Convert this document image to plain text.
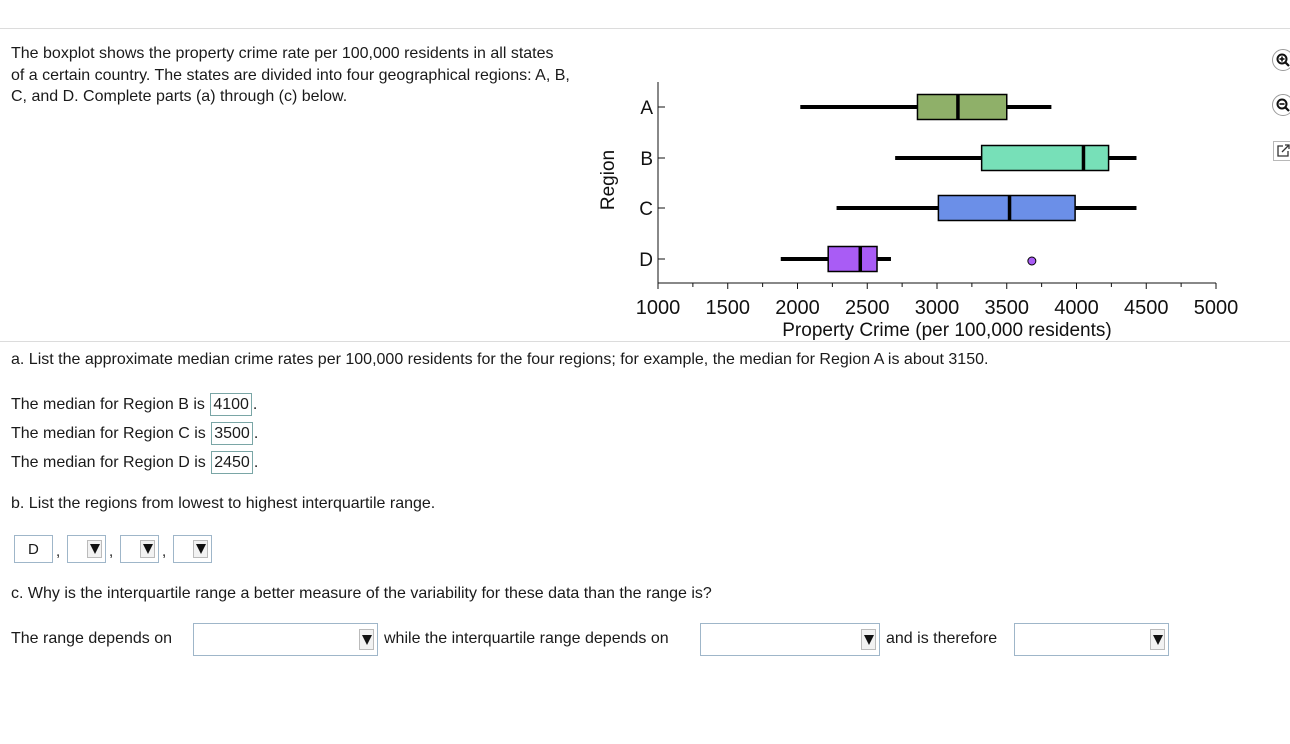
The boxplot shows the property crime rate per 100,000 residents in all states of a certain country. The states are divided into four geographical regions: A, B, C, and D. Complete parts (a) through (c) below.
1000 1500 2000 2500 3000 3500 4000 4500 5000
Property Crime (per 100,000 residents)
Region
A
B
C
D
a. List the approximate median crime rates per 100,000 residents for the four regions; for example, the median for Region A is about 3150.
The median for Region B is 4100 .
The median for Region C is 3500 .
The median for Region D is 2450 .
b. List the regions from lowest to highest interquartile range.
D ,	,	,
c. Why is the interquartile range a better measure of the variability for these data than the range is?
The range depends on	while the interquartile range depends on	and is therefore
